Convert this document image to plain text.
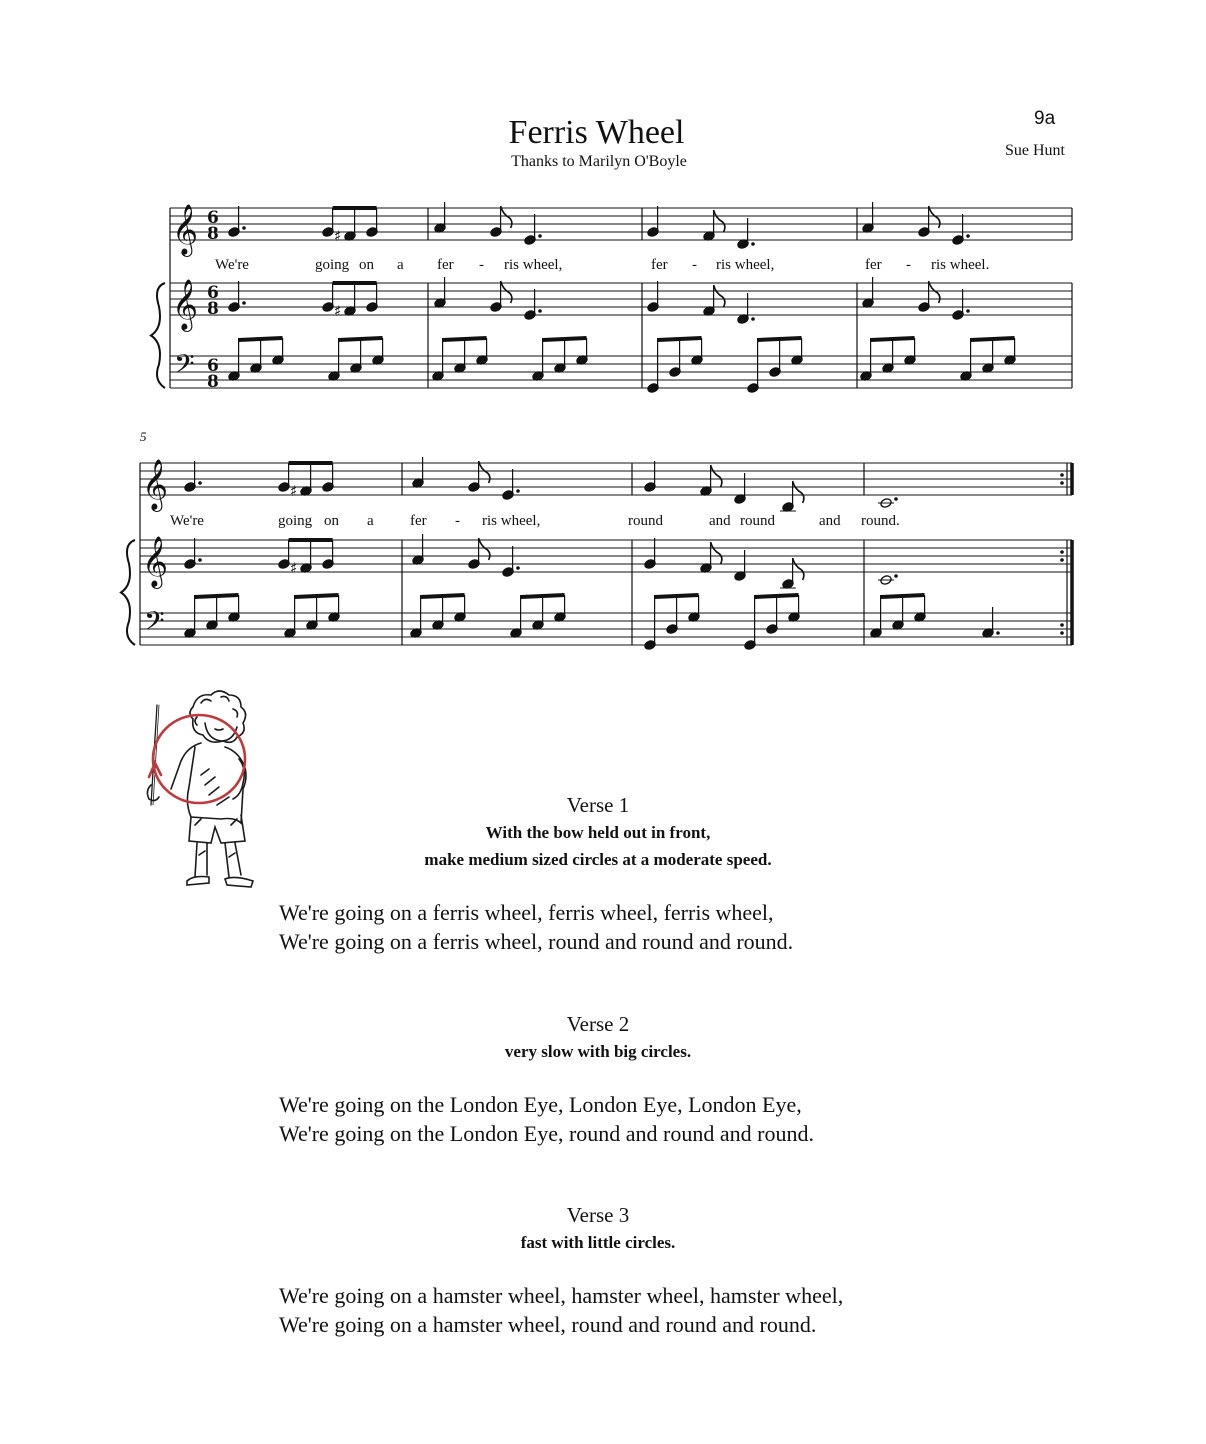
Ferris Wheel
Thanks to Marilyn O'Boyle
9a
Sue Hunt
5
𝄞 6
8
𝄞 6
8
𝄢 6
8
♯
♯
𝄞
𝄞
𝄢
♯
♯
We're	going on a fer - ris wheel,	fer - ris wheel,	fer - ris wheel.
We're	going on a fer - ris wheel,	round	and round	and round.
Verse 1
With the bow held out in front,
make medium sized circles at a moderate speed.
We're going on a ferris wheel, ferris wheel, ferris wheel,
We're going on a ferris wheel, round and round and round.
Verse 2
very slow with big circles.
We're going on the London Eye, London Eye, London Eye,
We're going on the London Eye, round and round and round.
Verse 3
fast with little circles.
We're going on a hamster wheel, hamster wheel, hamster wheel,
We're going on a hamster wheel, round and round and round.
